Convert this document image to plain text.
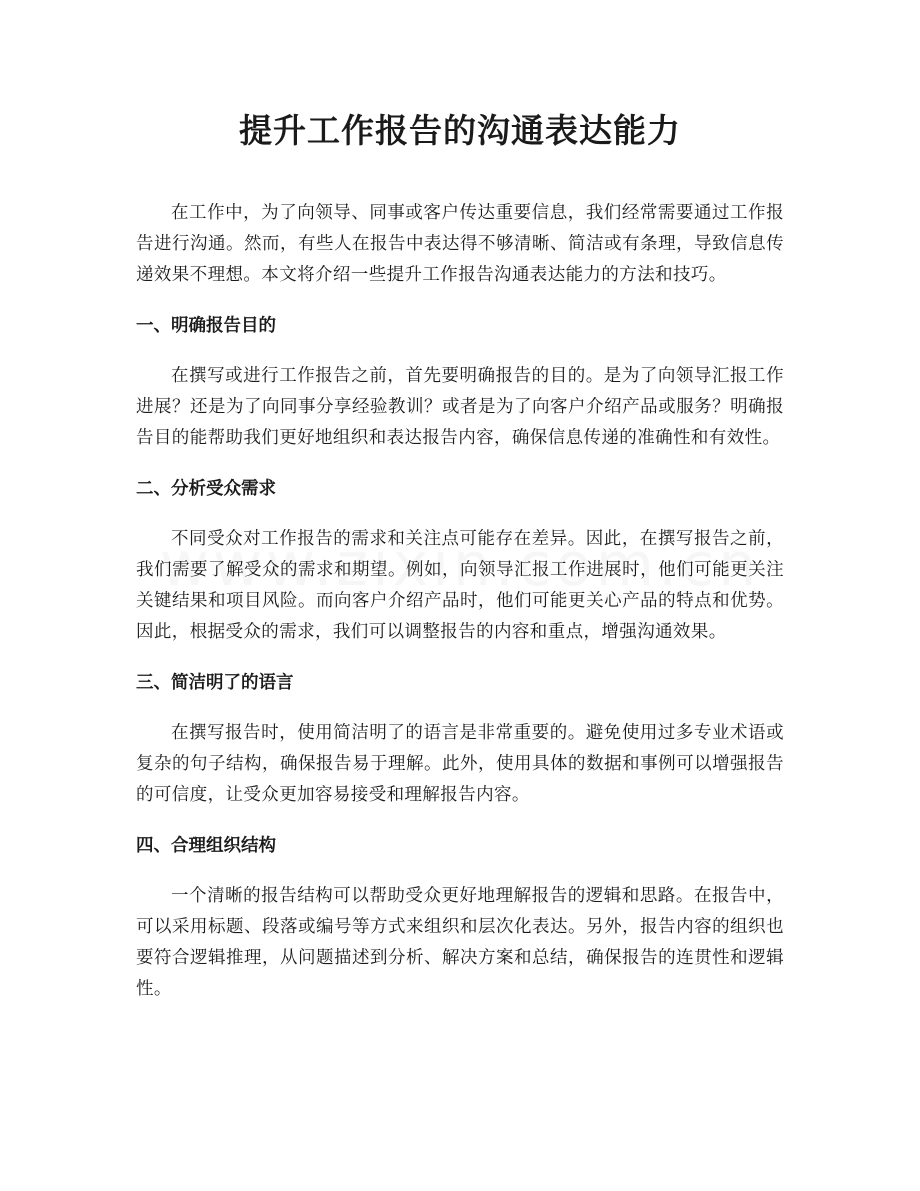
提升工作报告的沟通表达能力

在工作中，为了向领导、同事或客户传达重要信息，我们经常需要通过工作报告进行沟通。然而，有些人在报告中表达得不够清晰、简洁或有条理，导致信息传递效果不理想。本文将介绍一些提升工作报告沟通表达能力的方法和技巧。

一、明确报告目的

在撰写或进行工作报告之前，首先要明确报告的目的。是为了向领导汇报工作进展？还是为了向同事分享经验教训？或者是为了向客户介绍产品或服务？明确报告目的能帮助我们更好地组织和表达报告内容，确保信息传递的准确性和有效性。

二、分析受众需求

不同受众对工作报告的需求和关注点可能存在差异。因此，在撰写报告之前，我们需要了解受众的需求和期望。例如，向领导汇报工作进展时，他们可能更关注关键结果和项目风险。而向客户介绍产品时，他们可能更关心产品的特点和优势。因此，根据受众的需求，我们可以调整报告的内容和重点，增强沟通效果。

三、简洁明了的语言

在撰写报告时，使用简洁明了的语言是非常重要的。避免使用过多专业术语或复杂的句子结构，确保报告易于理解。此外，使用具体的数据和事例可以增强报告的可信度，让受众更加容易接受和理解报告内容。

四、合理组织结构

一个清晰的报告结构可以帮助受众更好地理解报告的逻辑和思路。在报告中，可以采用标题、段落或编号等方式来组织和层次化表达。另外，报告内容的组织也要符合逻辑推理，从问题描述到分析、解决方案和总结，确保报告的连贯性和逻辑性。
